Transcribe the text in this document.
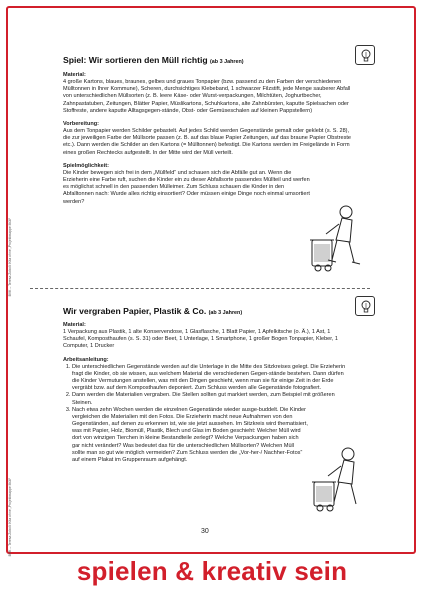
BVK – Teresa Zoboli: Kita ohne „Projektmappe Müll“
BVK – Teresa Zoboli: Kita ohne „Projektmappe Müll“
Spiel: Wir sortieren den Müll richtig (ab 3 Jahren)

Material:

4 große Kartons, blaues, braunes, gelbes und graues Tonpapier (bzw. passend zu den Farben der verschiedenen Mülltonnen in Ihrer Kommune), Scheren, durchsichtiges Klebeband, 1 schwarzer Filzstift, jede Menge sauberer Abfall von unterschiedlichen Müllsorten (z. B. leere Käse- oder Wurst-verpackungen, Milchtüten, Joghurtbecher, Zahnpastatuben, Zeitungen, Blätter Papier, Müslikartons, Schuhkartons, alte Zahnbürsten, kaputte Spielsachen oder Stoffreste, andere kaputte Alltagsgegen-stände, Obst- oder Gemüseschalen auf kleinen Pappstellern)

Vorbereitung:

Aus dem Tonpapier werden Schilder gebastelt. Auf jedes Schild werden Gegenstände gemalt oder geklebt (s. S. 28), die zur jeweiligen Farbe der Müllsorte passen (z. B. auf das blaue Papier Zeitungen, auf das braune Papier Obstreste etc.). Dann werden die Schilder an den Kartons (= Mülltonnen) befestigt. Die Kartons werden im Freigelände in Form eines großen Rechtecks aufgestellt. In der Mitte wird der Müll verteilt.

Spielmöglichkeit:

Die Kinder bewegen sich frei in dem „Müllfeld“ und schauen sich die Abfälle gut an. Wenn die Erzieherin eine Farbe ruft, suchen die Kinder ein zu dieser Abfallsorte passendes Müllteil und werfen es möglichst schnell in den passenden Mülleimer. Zum Schluss schauen die Kinder in den Abfalltonnen nach: Wurde alles richtig einsortiert? Oder müssen einige Dinge noch einmal umsortiert werden?

Wir vergraben Papier, Plastik & Co. (ab 3 Jahren)

Material:

1 Verpackung aus Plastik, 1 alte Konservendose, 1 Glasflasche, 1 Blatt Papier, 1 Apfelkitsche (o. Ä.), 1 Ast, 1 Schaufel, Komposthaufen (s. S. 31) oder Beet, 1 Unterlage, 1 Smartphone, 1 großer Bogen Tonpapier, Kleber, 1 Computer, 1 Drucker

Arbeitsanleitung:

1. Die unterschiedlichen Gegenstände werden auf die Unterlage in die Mitte des Sitzkreises gelegt. Die Erzieherin fragt die Kinder, ob sie wissen, aus welchem Material die verschiedenen Gegen-stände bestehen. Dann dürfen die Kinder Vermutungen anstellen, was mit den Dingen geschieht, wenn man sie für einige Zeit in der Erde vergräbt bzw. auf dem Komposthaufen deponiert. Zum Schluss werden alle Gegenstände fotografiert.
2. Dann werden die Materialien vergraben. Die Stellen sollten gut markiert werden, zum Beispiel mit größeren Steinen.
3. Nach etwa zehn Wochen werden die einzelnen Gegenstände wieder ausge-buddelt. Die Kinder vergleichen die Materialien mit den Fotos. Die Erzieherin macht neue Aufnahmen von den Gegenständen, auf denen zu erkennen ist, wie sie jetzt aussehen. Im Sitzkreis wird thematisiert, was mit Papier, Holz, Biomüll, Plastik, Blech und Glas im Boden geschieht: Welcher Müll wird dort von winzigen Tierchen in kleine Bestandteile zerlegt? Welche Verpackungen haben sich gar nicht verändert? Was bedeutet das für die unterschiedlichen Müllsorten? Welchen Müll sollte man so gut wie möglich vermeiden? Zum Schluss werden die „Vor-her-/ Nachher-Fotos“ auf einem Plakat im Gruppenraum aufgehängt.
30
spielen & kreativ sein
